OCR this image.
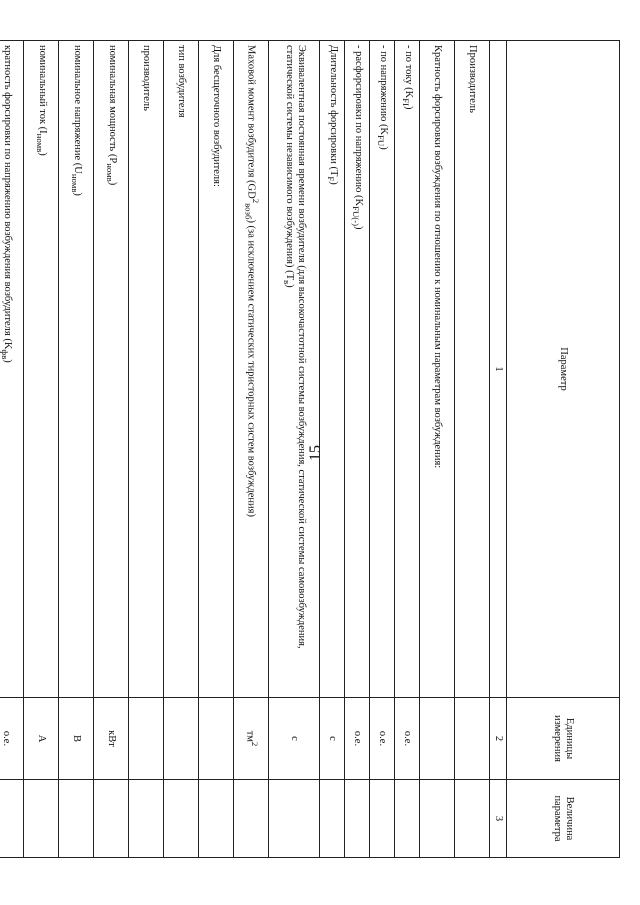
15
Параметр	Единицы измерения	Величина параметра
1	2	3
Производитель		
Кратность форсировки возбуждения по отношению к номинальным параметрам возбуждения:		
- по току $(K_{FI})$	о.е.	
- по напряжению $(K_{FU})$	о.е.	
- расфорсировки по напряжению $(K_{FU(-)})$	о.е.	
Длительность форсировки $(T_F)$	с	
Эквивалентная постоянная времени возбудителя (для высокочастотной системы возбуждения, статической системы самовозбуждения, статической системы независимого возбуждения) $(T_в)$	с	
Маховой момент возбудителя $(GD^2_{возб})$ (за исключением статических тиристорных систем возбуждения)	$тм^2$	
Для бесщеточного возбудителя:		
тип возбудителя		
производитель		
номинальная мощность $(P_{номв})$	кВт	
номинальное напряжение $(U_{номв})$	В	
номинальный ток $(I_{номв})$	А	
кратность форсировки по напряжению возбуждения возбудителя $(K_{фв})$	о.е.	
